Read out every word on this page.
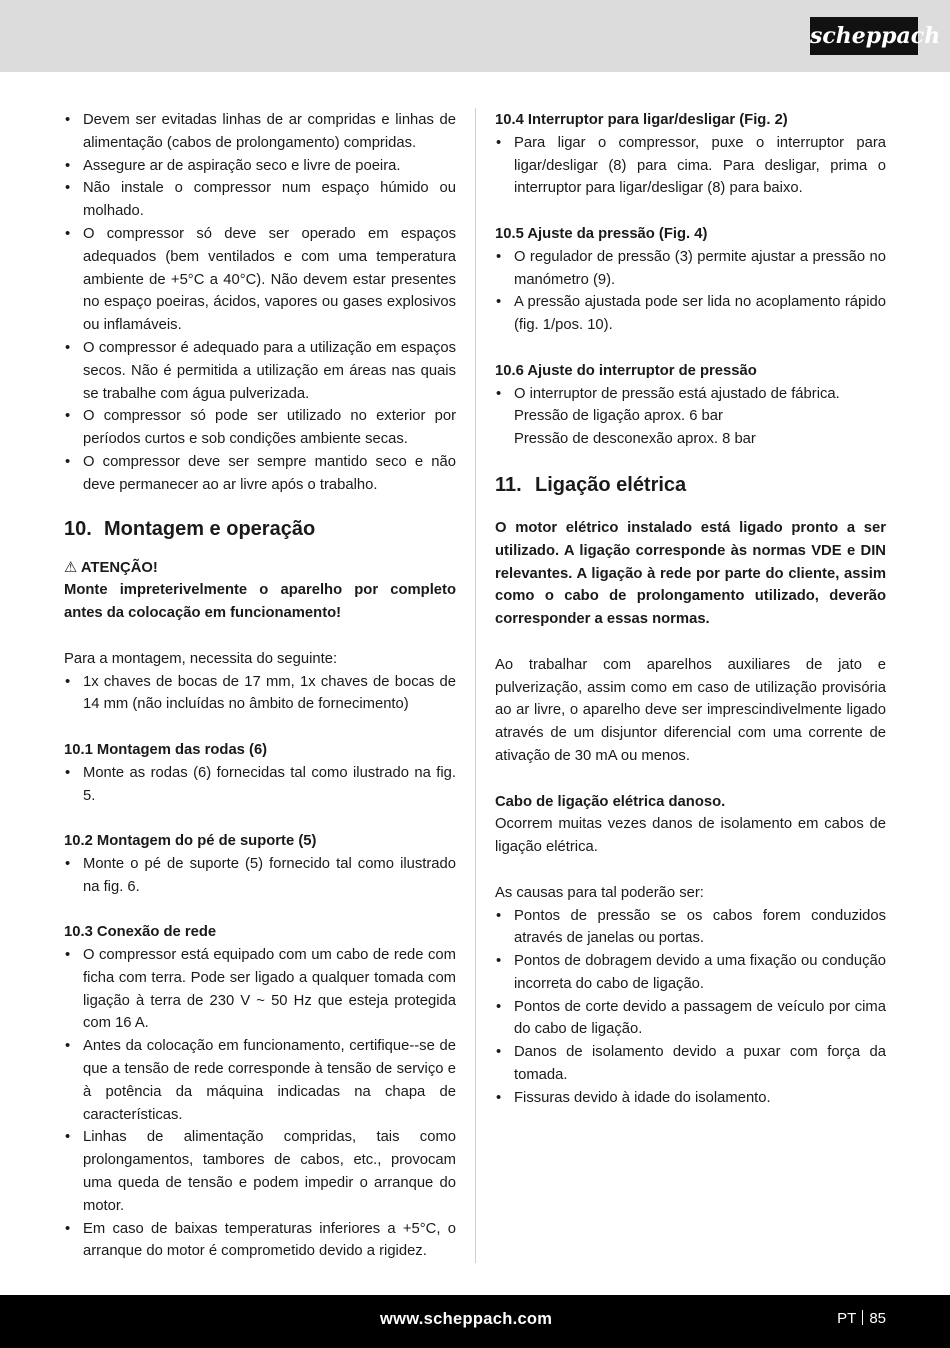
scheppach
• Devem ser evitadas linhas de ar compridas e linhas de alimentação (cabos de prolongamento) compridas.
• Assegure ar de aspiração seco e livre de poeira.
• Não instale o compressor num espaço húmido ou molhado.
• O compressor só deve ser operado em espaços adequados (bem ventilados e com uma temperatura ambiente de +5°C a 40°C). Não devem estar presentes no espaço poeiras, ácidos, vapores ou gases explosivos ou inflamáveis.
• O compressor é adequado para a utilização em espaços secos. Não é permitida a utilização em áreas nas quais se trabalhe com água pulverizada.
• O compressor só pode ser utilizado no exterior por períodos curtos e sob condições ambiente secas.
• O compressor deve ser sempre mantido seco e não deve permanecer ao ar livre após o trabalho.
10. Montagem e operação
⚠ ATENÇÃO!

Monte impreterivelmente o aparelho por completo antes da colocação em funcionamento!

Para a montagem, necessita do seguinte:

• 1x chaves de bocas de 17 mm, 1x chaves de bocas de 14 mm (não incluídas no âmbito de fornecimento)
10.1 Montagem das rodas (6)
• Monte as rodas (6) fornecidas tal como ilustrado na fig. 5.
10.2 Montagem do pé de suporte (5)
• Monte o pé de suporte (5) fornecido tal como ilustrado na fig. 6.
10.3 Conexão de rede
• O compressor está equipado com um cabo de rede com ficha com terra. Pode ser ligado a qualquer tomada com ligação à terra de 230 V ~ 50 Hz que esteja protegida com 16 A.
• Antes da colocação em funcionamento, certifique--se de que a tensão de rede corresponde à tensão de serviço e à potência da máquina indicadas na chapa de características.
• Linhas de alimentação compridas, tais como prolongamentos, tambores de cabos, etc., provocam uma queda de tensão e podem impedir o arranque do motor.
• Em caso de baixas temperaturas inferiores a +5°C, o arranque do motor é comprometido devido a rigidez.
10.4 Interruptor para ligar/desligar (Fig. 2)
• Para ligar o compressor, puxe o interruptor para ligar/desligar (8) para cima. Para desligar, prima o interruptor para ligar/desligar (8) para baixo.
10.5 Ajuste da pressão (Fig. 4)
• O regulador de pressão (3) permite ajustar a pressão no manómetro (9).
• A pressão ajustada pode ser lida no acoplamento rápido (fig. 1/pos. 10).
10.6 Ajuste do interruptor de pressão
• O interruptor de pressão está ajustado de fábrica.
Pressão de ligação aprox. 6 bar
Pressão de desconexão aprox. 8 bar
11. Ligação elétrica

O motor elétrico instalado está ligado pronto a ser utilizado. A ligação corresponde às normas VDE e DIN relevantes. A ligação à rede por parte do cliente, assim como o cabo de prolongamento utilizado, deverão corresponder a essas normas.

Ao trabalhar com aparelhos auxiliares de jato e pulverização, assim como em caso de utilização provisória ao ar livre, o aparelho deve ser imprescindivelmente ligado através de um disjuntor diferencial com uma corrente de ativação de 30 mA ou menos.

Cabo de ligação elétrica danoso.

Ocorrem muitas vezes danos de isolamento em cabos de ligação elétrica.

As causas para tal poderão ser:

• Pontos de pressão se os cabos forem conduzidos através de janelas ou portas.
• Pontos de dobragem devido a uma fixação ou condução incorreta do cabo de ligação.
• Pontos de corte devido a passagem de veículo por cima do cabo de ligação.
• Danos de isolamento devido a puxar com força da tomada.
• Fissuras devido à idade do isolamento.
www.scheppach.com	PT 85
